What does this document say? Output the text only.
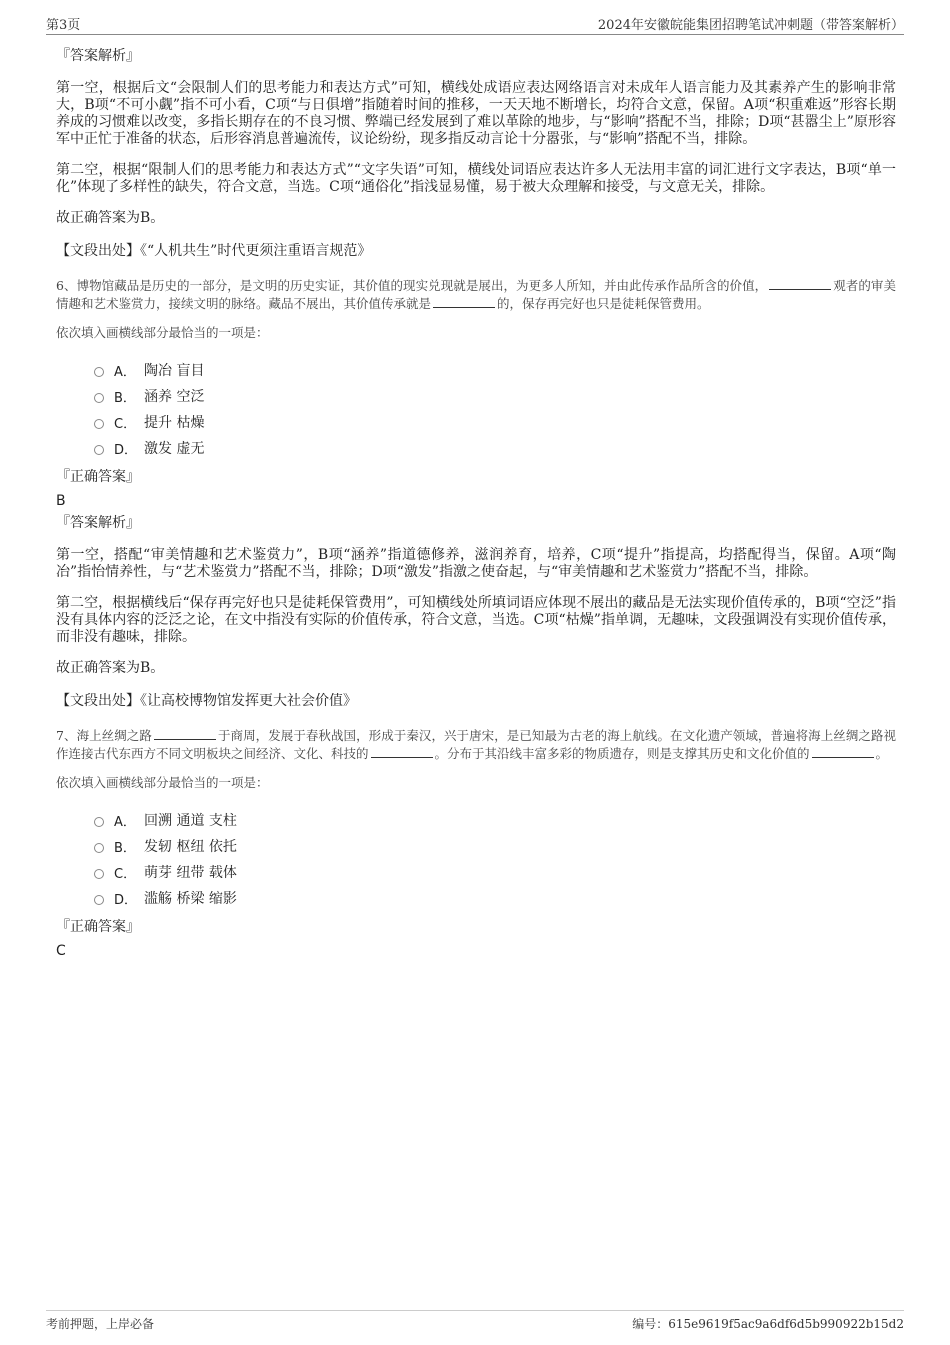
第3页	2024年安徽皖能集团招聘笔试冲刺题（带答案解析）
『答案解析』

第一空，根据后文“会限制人们的思考能力和表达方式”可知，横线处成语应表达网络语言对未成年人语言能力及其素养产生的影响非常大，B项“不可小觑”指不可小看，C项“与日俱增”指随着时间的推移，一天天地不断增长，均符合文意，保留。A项“积重难返”形容长期养成的习惯难以改变，多指长期存在的不良习惯、弊端已经发展到了难以革除的地步，与“影响”搭配不当，排除；D项“甚嚣尘上”原形容军中正忙于准备的状态，后形容消息普遍流传，议论纷纷，现多指反动言论十分嚣张，与“影响”搭配不当，排除。

第二空，根据“限制人们的思考能力和表达方式”“文字失语”可知，横线处词语应表达许多人无法用丰富的词汇进行文字表达，B项“单一化”体现了多样性的缺失，符合文意，当选。C项“通俗化”指浅显易懂，易于被大众理解和接受，与文意无关，排除。

故正确答案为B。

【文段出处】《“人机共生”时代更须注重语言规范》

6、博物馆藏品是历史的一部分，是文明的历史实证，其价值的现实兑现就是展出，为更多人所知，并由此传承作品所含的价值，	观者的审美情趣和艺术鉴赏力，接续文明的脉络。藏品不展出，其价值传承就是	的，保存再完好也只是徒耗保管费用。

依次填入画横线部分最恰当的一项是：
A． 陶冶 盲目
B． 涵养 空泛
C． 提升 枯燥
D． 激发 虚无
『正确答案』
B
『答案解析』

第一空，搭配“审美情趣和艺术鉴赏力”，B项“涵养”指道德修养，滋润养育，培养，C项“提升”指提高，均搭配得当，保留。A项“陶冶”指怡情养性，与“艺术鉴赏力”搭配不当，排除；D项“激发”指激之使奋起，与“审美情趣和艺术鉴赏力”搭配不当，排除。

第二空，根据横线后“保存再完好也只是徒耗保管费用”，可知横线处所填词语应体现不展出的藏品是无法实现价值传承的，B项“空泛”指没有具体内容的泛泛之论，在文中指没有实际的价值传承，符合文意，当选。C项“枯燥”指单调，无趣味，文段强调没有实现价值传承，而非没有趣味，排除。

故正确答案为B。

【文段出处】《让高校博物馆发挥更大社会价值》

7、海上丝绸之路	于商周，发展于春秋战国，形成于秦汉，兴于唐宋，是已知最为古老的海上航线。在文化遗产领域，普遍将海上丝绸之路视作连接古代东西方不同文明板块之间经济、文化、科技的	。分布于其沿线丰富多彩的物质遗存，则是支撑其历史和文化价值的	。

依次填入画横线部分最恰当的一项是：
A． 回溯 通道 支柱
B． 发轫 枢纽 依托
C． 萌芽 纽带 载体
D． 滥觞 桥梁 缩影
『正确答案』
C
考前押题，上岸必备	编号：615e9619f5ac9a6df6d5b990922b15d2
